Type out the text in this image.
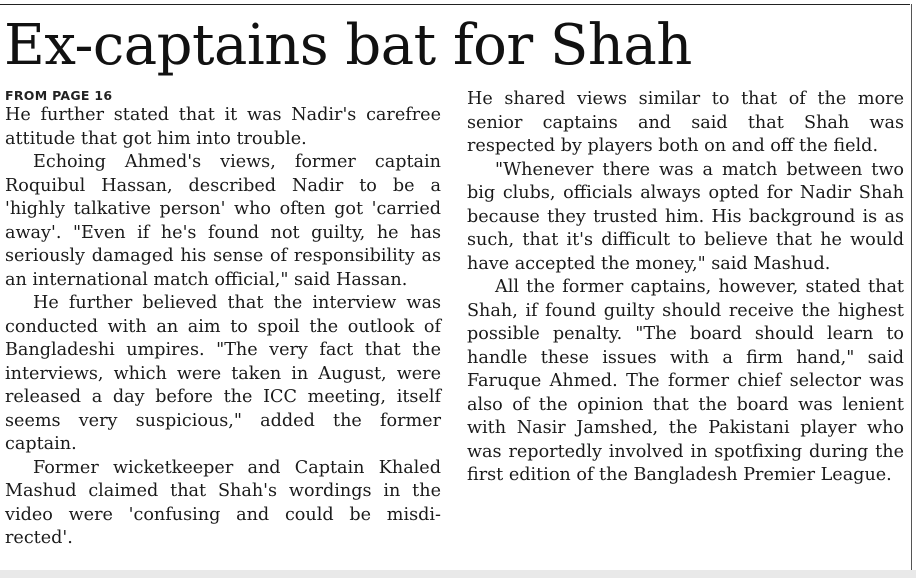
Ex-captains bat for Shah
FROM PAGE 16

He further stated that it was Nadir's carefree attitude that got him into trouble.

Echoing Ahmed's views, former captain Roquibul Hassan, described Nadir to be a 'highly talkative person' who often got 'carried away'. "Even if he's found not guilty, he has seriously damaged his sense of responsibility as an international match official," said Hassan.

He further believed that the interview was conducted with an aim to spoil the outlook of Bangladeshi umpires. "The very fact that the interviews, which were taken in August, were released a day before the ICC meeting, itself seems very suspicious," added the former captain.

Former wicketkeeper and Captain Khaled Mashud claimed that Shah's wordings in the video were 'confusing and could be misdirected'.

He shared views similar to that of the more senior captains and said that Shah was respected by players both on and off the field.

"Whenever there was a match between two big clubs, officials always opted for Nadir Shah because they trusted him. His background is as such, that it's difficult to believe that he would have accepted the money," said Mashud.

All the former captains, however, stated that Shah, if found guilty should receive the highest possible penalty. "The board should learn to handle these issues with a firm hand," said Faruque Ahmed. The former chief selector was also of the opinion that the board was lenient with Nasir Jamshed, the Pakistani player who was reportedly involved in spotfixing during the first edition of the Bangladesh Premier League.
